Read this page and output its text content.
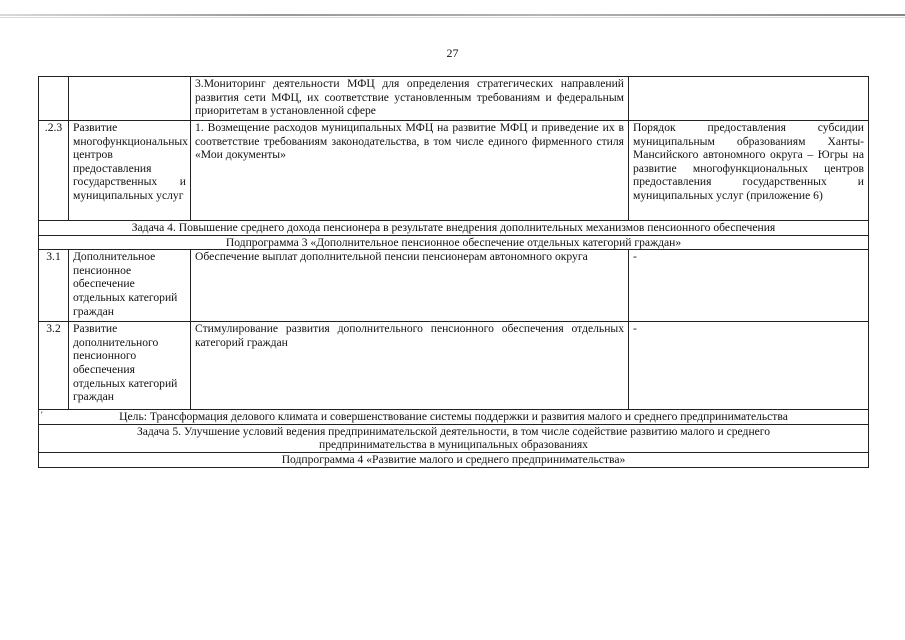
27
		3.Мониторинг деятельности МФЦ для определения стратегических направлений развития сети МФЦ, их соответствие установленным требованиям и федеральным приоритетам в установленной сфере	
.2.3	Развитие многофункциональных центров предоставления государственных и муниципальных услуг	1. Возмещение расходов муниципальных МФЦ на развитие МФЦ и приведение их в соответствие требованиям законодательства, в том числе единого фирменного стиля «Мои документы»	Порядок предоставления субсидии муниципальным образованиям Ханты-Мансийского автономного округа – Югры на развитие многофункциональных центров предоставления государственных и муниципальных услуг (приложение 6)
Задача 4. Повышение среднего дохода пенсионера в результате внедрения дополнительных механизмов пенсионного обеспечения			
Подпрограмма 3 «Дополнительное пенсионное обеспечение отдельных категорий граждан»			
3.1	Дополнительное пенсионное обеспечение отдельных категорий граждан	Обеспечение выплат дополнительной пенсии пенсионерам автономного округа	-
3.2	Развитие дополнительного пенсионного обеспечения отдельных категорий граждан	Стимулирование развития дополнительного пенсионного обеспечения отдельных категорий граждан	-

' Цель: Трансформация делового климата и совершенствование системы поддержки и развития малого и среднего предпринимательства			
Задача 5. Улучшение условий ведения предпринимательской деятельности, в том числе содействие развитию малого и среднего предпринимательства в муниципальных образованиях			
Подпрограмма 4 «Развитие малого и среднего предпринимательства»			
